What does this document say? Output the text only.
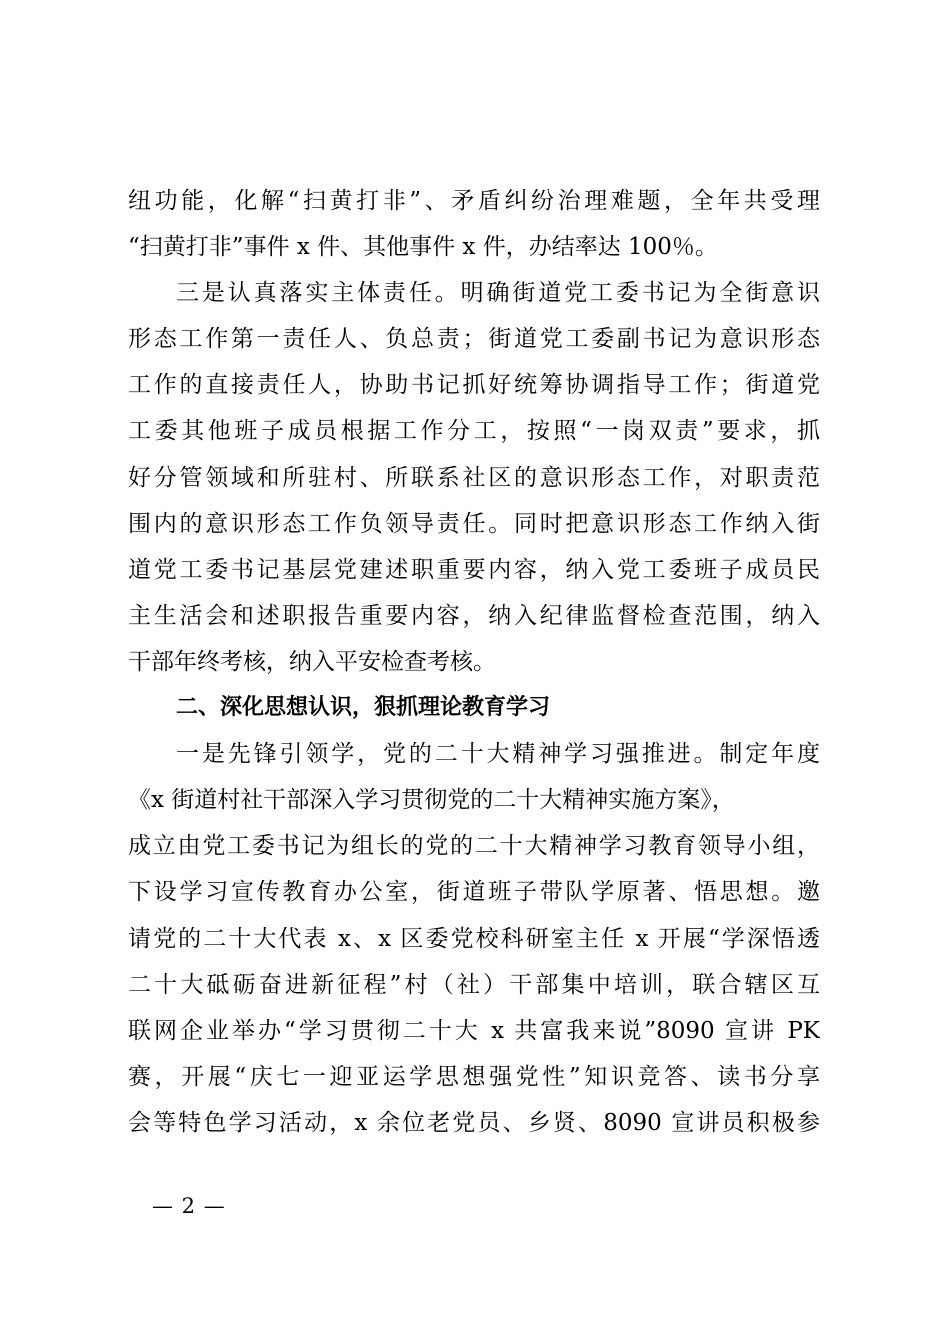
纽功能，化解“扫黄打非”、矛盾纠纷治理难题，全年共受理
“扫黄打非”事件 x 件、其他事件 x 件，办结率达 100％。
三是认真落实主体责任。明确街道党工委书记为全街意识
形态工作第一责任人、负总责；街道党工委副书记为意识形态
工作的直接责任人，协助书记抓好统筹协调指导工作；街道党
工委其他班子成员根据工作分工，按照“一岗双责”要求，抓
好分管领域和所驻村、所联系社区的意识形态工作，对职责范
围内的意识形态工作负领导责任。同时把意识形态工作纳入街
道党工委书记基层党建述职重要内容，纳入党工委班子成员民
主生活会和述职报告重要内容，纳入纪律监督检查范围，纳入
干部年终考核，纳入平安检查考核。
二、深化思想认识，狠抓理论教育学习
一是先锋引领学，党的二十大精神学习强推进。制定年度
《x 街道村社干部深入学习贯彻党的二十大精神实施方案》，
成立由党工委书记为组长的党的二十大精神学习教育领导小组，
下设学习宣传教育办公室，街道班子带队学原著、悟思想。邀
请党的二十大代表 x、x 区委党校科研室主任 x 开展“学深悟透
二十大砥砺奋进新征程”村（社）干部集中培训，联合辖区互
联网企业举办“学习贯彻二十大 x 共富我来说”8090 宣讲 PK
赛，开展“庆七一迎亚运学思想强党性”知识竞答、读书分享
会等特色学习活动，x 余位老党员、乡贤、8090 宣讲员积极参
— 2 —
